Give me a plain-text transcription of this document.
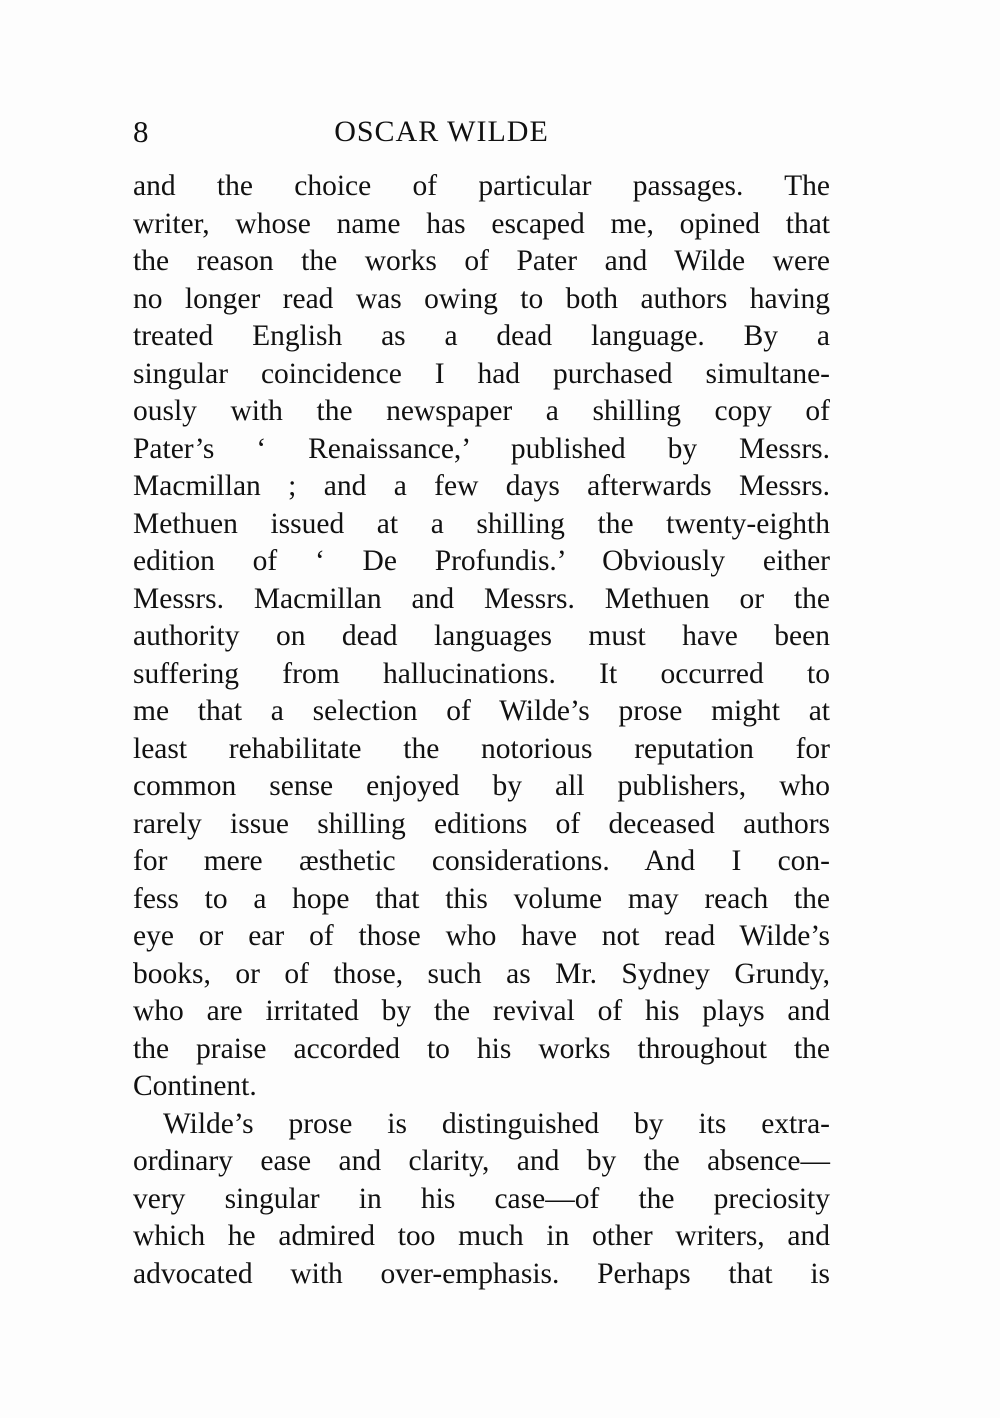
8	OSCAR WILDE
and the choice of particular passages. The
writer, whose name has escaped me, opined that
the reason the works of Pater and Wilde were
no longer read was owing to both authors having
treated English as a dead language. By a
singular coincidence I had purchased simultane-
ously with the newspaper a shilling copy of
Pater’s ‘ Renaissance,’ published by Messrs.
Macmillan ; and a few days afterwards Messrs.
Methuen issued at a shilling the twenty-eighth
edition of ‘ De Profundis.’ Obviously either
Messrs. Macmillan and Messrs. Methuen or the
authority on dead languages must have been
suffering from hallucinations. It occurred to
me that a selection of Wilde’s prose might at
least rehabilitate the notorious reputation for
common sense enjoyed by all publishers, who
rarely issue shilling editions of deceased authors
for mere æsthetic considerations. And I con-
fess to a hope that this volume may reach the
eye or ear of those who have not read Wilde’s
books, or of those, such as Mr. Sydney Grundy,
who are irritated by the revival of his plays and
the praise accorded to his works throughout the
Continent.
Wilde’s prose is distinguished by its extra-
ordinary ease and clarity, and by the absence—
very singular in his case—of the preciosity
which he admired too much in other writers, and
advocated with over-emphasis. Perhaps that is
